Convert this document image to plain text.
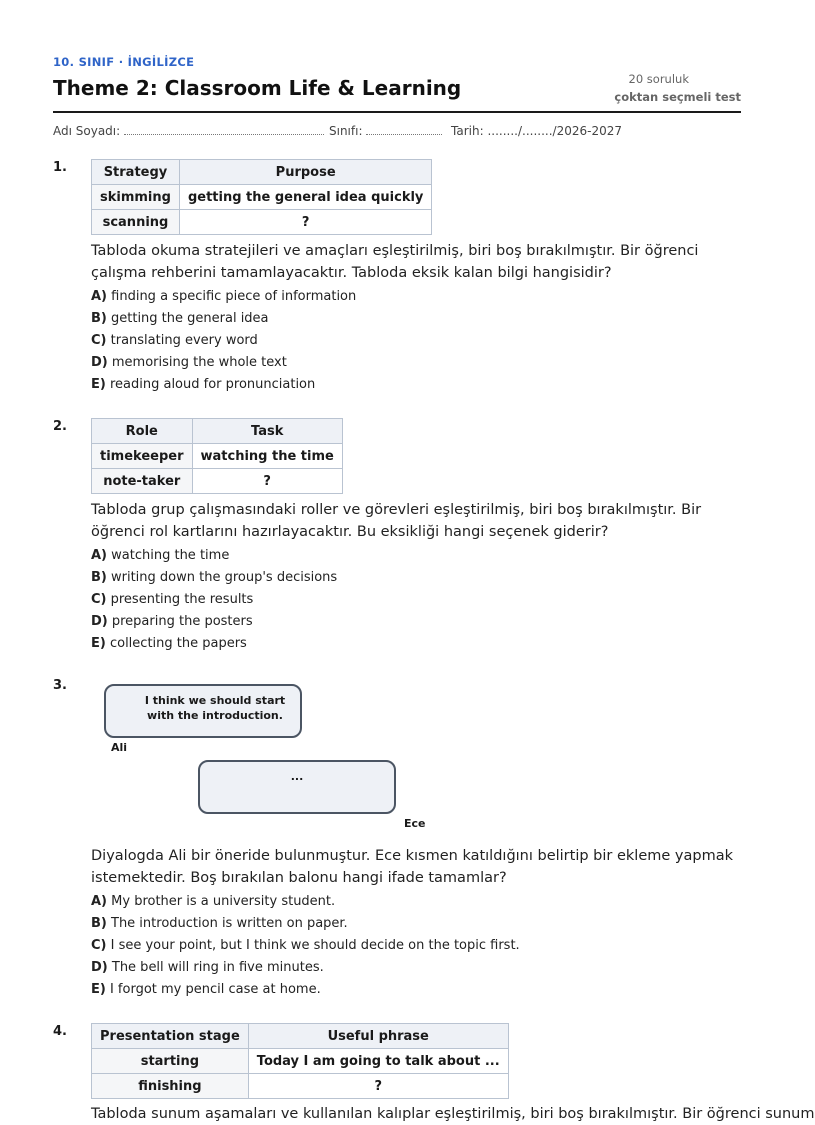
10. SINIF · İNGİLİZCE
Theme 2: Classroom Life & Learning	20 soruluk
çoktan seçmeli test
Adı Soyadı:	Sınıfı:	Tarih: ......../......../2026-2027
1.	Strategy	Purpose
skimming	getting the general idea quickly
scanning	?
Tabloda okuma stratejileri ve amaçları eşleştirilmiş, biri boş bırakılmıştır. Bir öğrenci çalışma rehberini tamamlayacaktır. Tabloda eksik kalan bilgi hangisidir?
A) finding a specific piece of information
B) getting the general idea
C) translating every word
D) memorising the whole text
E) reading aloud for pronunciation
2.	Role	Task
timekeeper	watching the time
note-taker	?
Tabloda grup çalışmasındaki roller ve görevleri eşleştirilmiş, biri boş bırakılmıştır. Bir öğrenci rol kartlarını hazırlayacaktır. Bu eksikliği hangi seçenek giderir?
A) watching the time
B) writing down the group's decisions
C) presenting the results
D) preparing the posters
E) collecting the papers
3.
I think we should start with the introduction.
Ali
...
Ece
Diyalogda Ali bir öneride bulunmuştur. Ece kısmen katıldığını belirtip bir ekleme yapmak istemektedir. Boş bırakılan balonu hangi ifade tamamlar?
A) My brother is a university student.
B) The introduction is written on paper.
C) I see your point, but I think we should decide on the topic first.
D) The bell will ring in five minutes.
E) I forgot my pencil case at home.
4.	Presentation stage	Useful phrase
starting	Today I am going to talk about ...
finishing	?
Tabloda sunum aşamaları ve kullanılan kalıplar eşleştirilmiş, biri boş bırakılmıştır. Bir öğrenci sunum
